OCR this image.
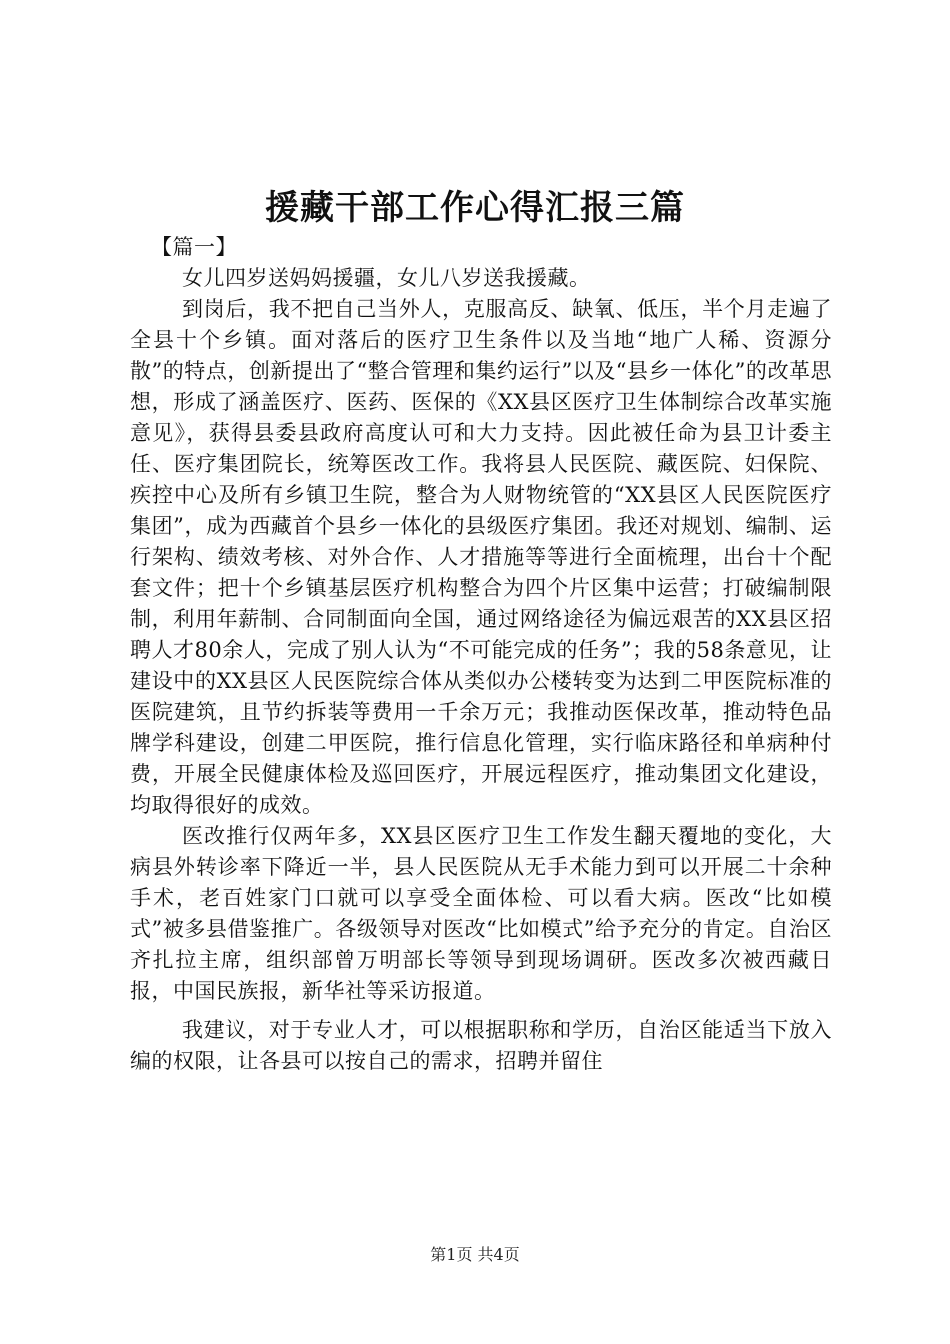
援藏干部工作心得汇报三篇

【篇一】

女儿四岁送妈妈援疆，女儿八岁送我援藏。

到岗后，我不把自己当外人，克服高反、缺氧、低压，半个月走遍了全县十个乡镇。面对落后的医疗卫生条件以及当地“地广人稀、资源分散”的特点，创新提出了“整合管理和集约运行”以及“县乡一体化”的改革思想，形成了涵盖医疗、医药、医保的《XX县区医疗卫生体制综合改革实施意见》，获得县委县政府高度认可和大力支持。因此被任命为县卫计委主任、医疗集团院长，统筹医改工作。我将县人民医院、藏医院、妇保院、疾控中心及所有乡镇卫生院，整合为人财物统管的“XX县区人民医院医疗集团”，成为西藏首个县乡一体化的县级医疗集团。我还对规划、编制、运行架构、绩效考核、对外合作、人才措施等等进行全面梳理，出台十个配套文件；把十个乡镇基层医疗机构整合为四个片区集中运营；打破编制限制，利用年薪制、合同制面向全国，通过网络途径为偏远艰苦的XX县区招聘人才80余人，完成了别人认为“不可能完成的任务”；我的58条意见，让建设中的XX县区人民医院综合体从类似办公楼转变为达到二甲医院标准的医院建筑，且节约拆装等费用一千余万元；我推动医保改革，推动特色品牌学科建设，创建二甲医院，推行信息化管理，实行临床路径和单病种付费，开展全民健康体检及巡回医疗，开展远程医疗，推动集团文化建设，均取得很好的成效。

医改推行仅两年多，XX县区医疗卫生工作发生翻天覆地的变化，大病县外转诊率下降近一半，县人民医院从无手术能力到可以开展二十余种手术，老百姓家门口就可以享受全面体检、可以看大病。医改“比如模式”被多县借鉴推广。各级领导对医改“比如模式”给予充分的肯定。自治区齐扎拉主席，组织部曾万明部长等领导到现场调研。医改多次被西藏日报，中国民族报，新华社等采访报道。

我建议，对于专业人才，可以根据职称和学历，自治区能适当下放入编的权限，让各县可以按自己的需求，招聘并留住

第1页 共4页
